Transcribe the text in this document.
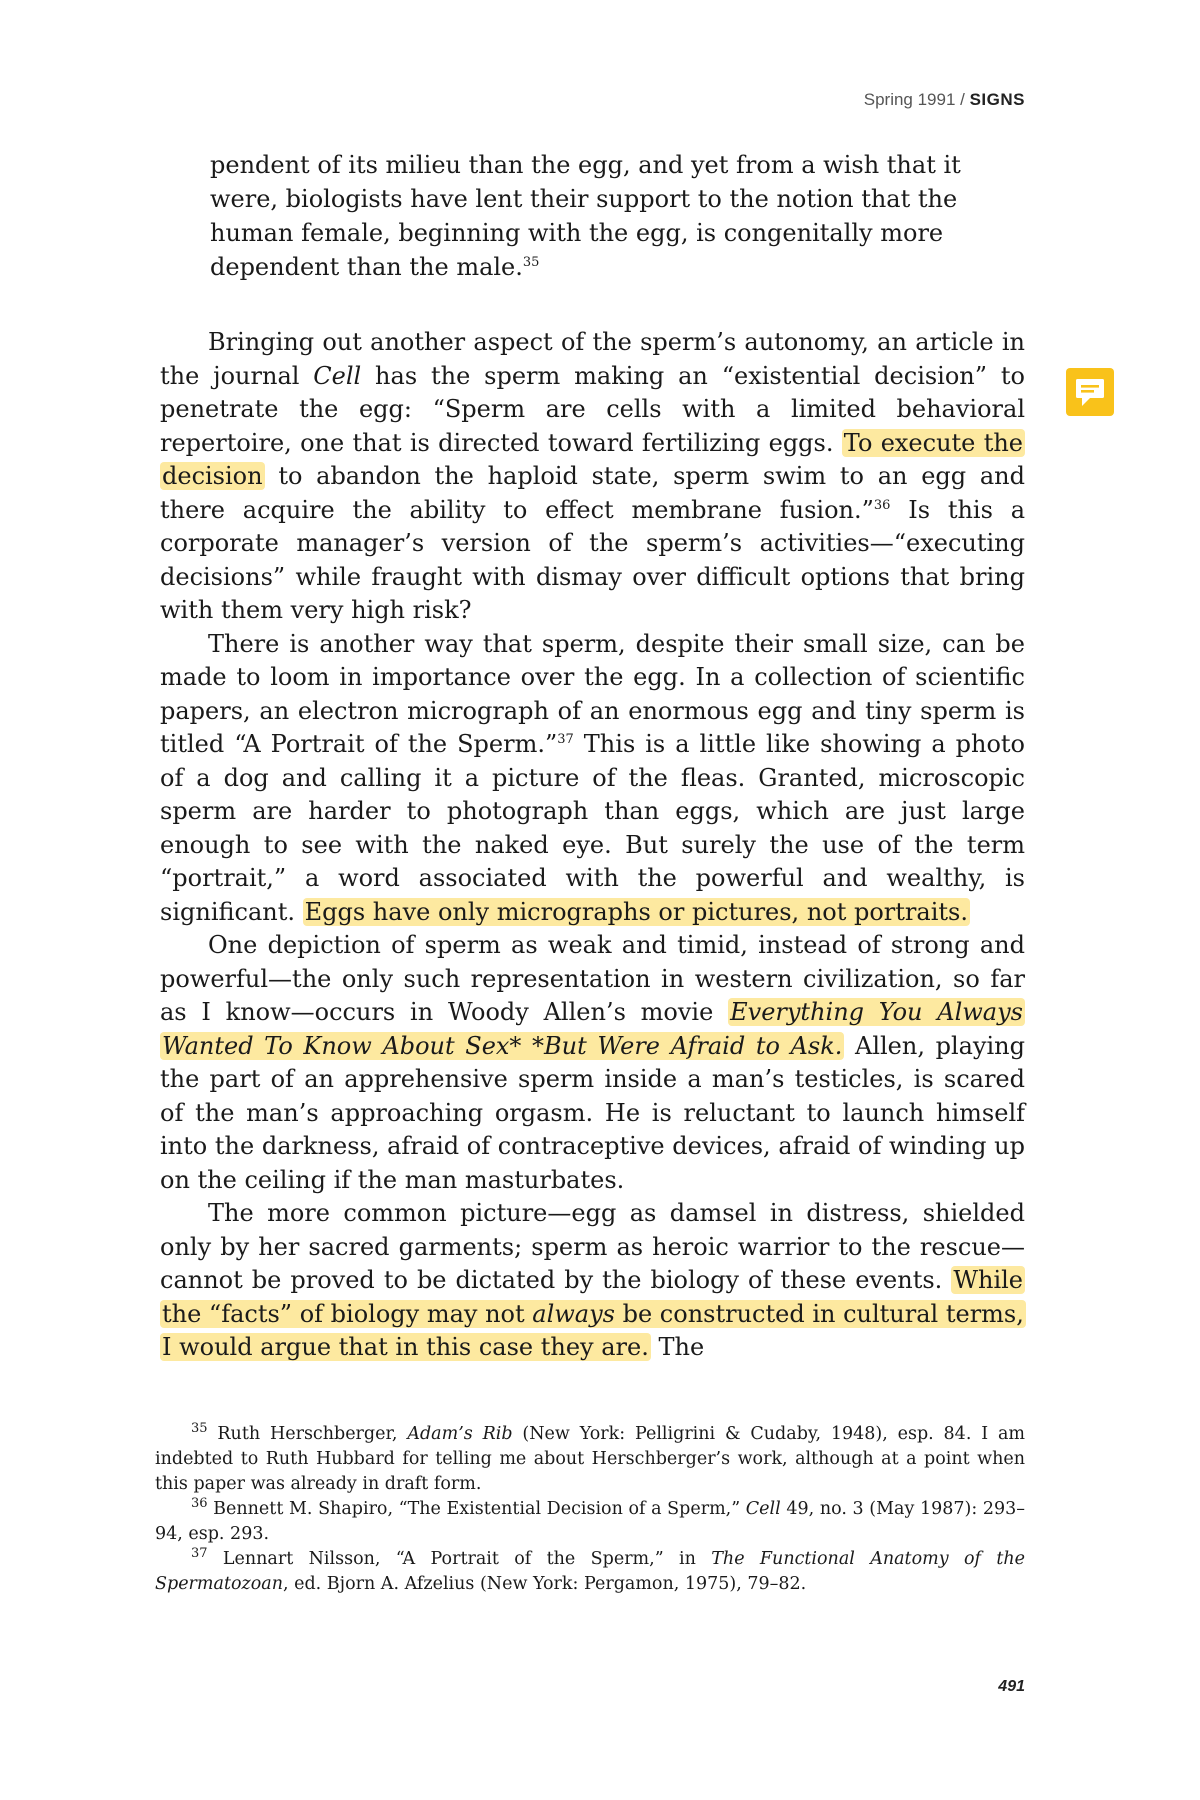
Spring 1991 / SIGNS
pendent of its milieu than the egg, and yet from a wish that it were, biologists have lent their support to the notion that the human female, beginning with the egg, is congenitally more dependent than the male.$^{35}$

Bringing out another aspect of the sperm’s autonomy, an article in the journal Cell has the sperm making an “existential decision” to penetrate the egg: “Sperm are cells with a limited behavioral repertoire, one that is directed toward fertilizing eggs. To execute the decision to abandon the haploid state, sperm swim to an egg and there acquire the ability to effect membrane fusion.”$^{36}$ Is this a corporate manager’s version of the sperm’s activities—“executing decisions” while fraught with dismay over difficult options that bring with them very high risk?

There is another way that sperm, despite their small size, can be made to loom in importance over the egg. In a collection of scientific papers, an electron micrograph of an enormous egg and tiny sperm is titled “A Portrait of the Sperm.”$^{37}$ This is a little like showing a photo of a dog and calling it a picture of the fleas. Granted, microscopic sperm are harder to photograph than eggs, which are just large enough to see with the naked eye. But surely the use of the term “portrait,” a word associated with the powerful and wealthy, is significant. Eggs have only micrographs or pictures, not portraits.

One depiction of sperm as weak and timid, instead of strong and powerful—the only such representation in western civilization, so far as I know—occurs in Woody Allen’s movie Everything You Always Wanted To Know About Sex* *But Were Afraid to Ask. Allen, playing the part of an apprehensive sperm inside a man’s testicles, is scared of the man’s approaching orgasm. He is reluctant to launch himself into the darkness, afraid of contraceptive devices, afraid of winding up on the ceiling if the man masturbates.

The more common picture—egg as damsel in distress, shielded only by her sacred garments; sperm as heroic warrior to the rescue—cannot be proved to be dictated by the biology of these events. While the “facts” of biology may not always be constructed in cultural terms, I would argue that in this case they are. The

$^{35}$ Ruth Herschberger, Adam’s Rib (New York: Pelligrini & Cudaby, 1948), esp. 84. I am indebted to Ruth Hubbard for telling me about Herschberger’s work, although at a point when this paper was already in draft form.

$^{36}$ Bennett M. Shapiro, “The Existential Decision of a Sperm,” Cell 49, no. 3 (May 1987): 293–94, esp. 293.

$^{37}$ Lennart Nilsson, “A Portrait of the Sperm,” in The Functional Anatomy of the Spermatozoan, ed. Bjorn A. Afzelius (New York: Pergamon, 1975), 79–82.

491
